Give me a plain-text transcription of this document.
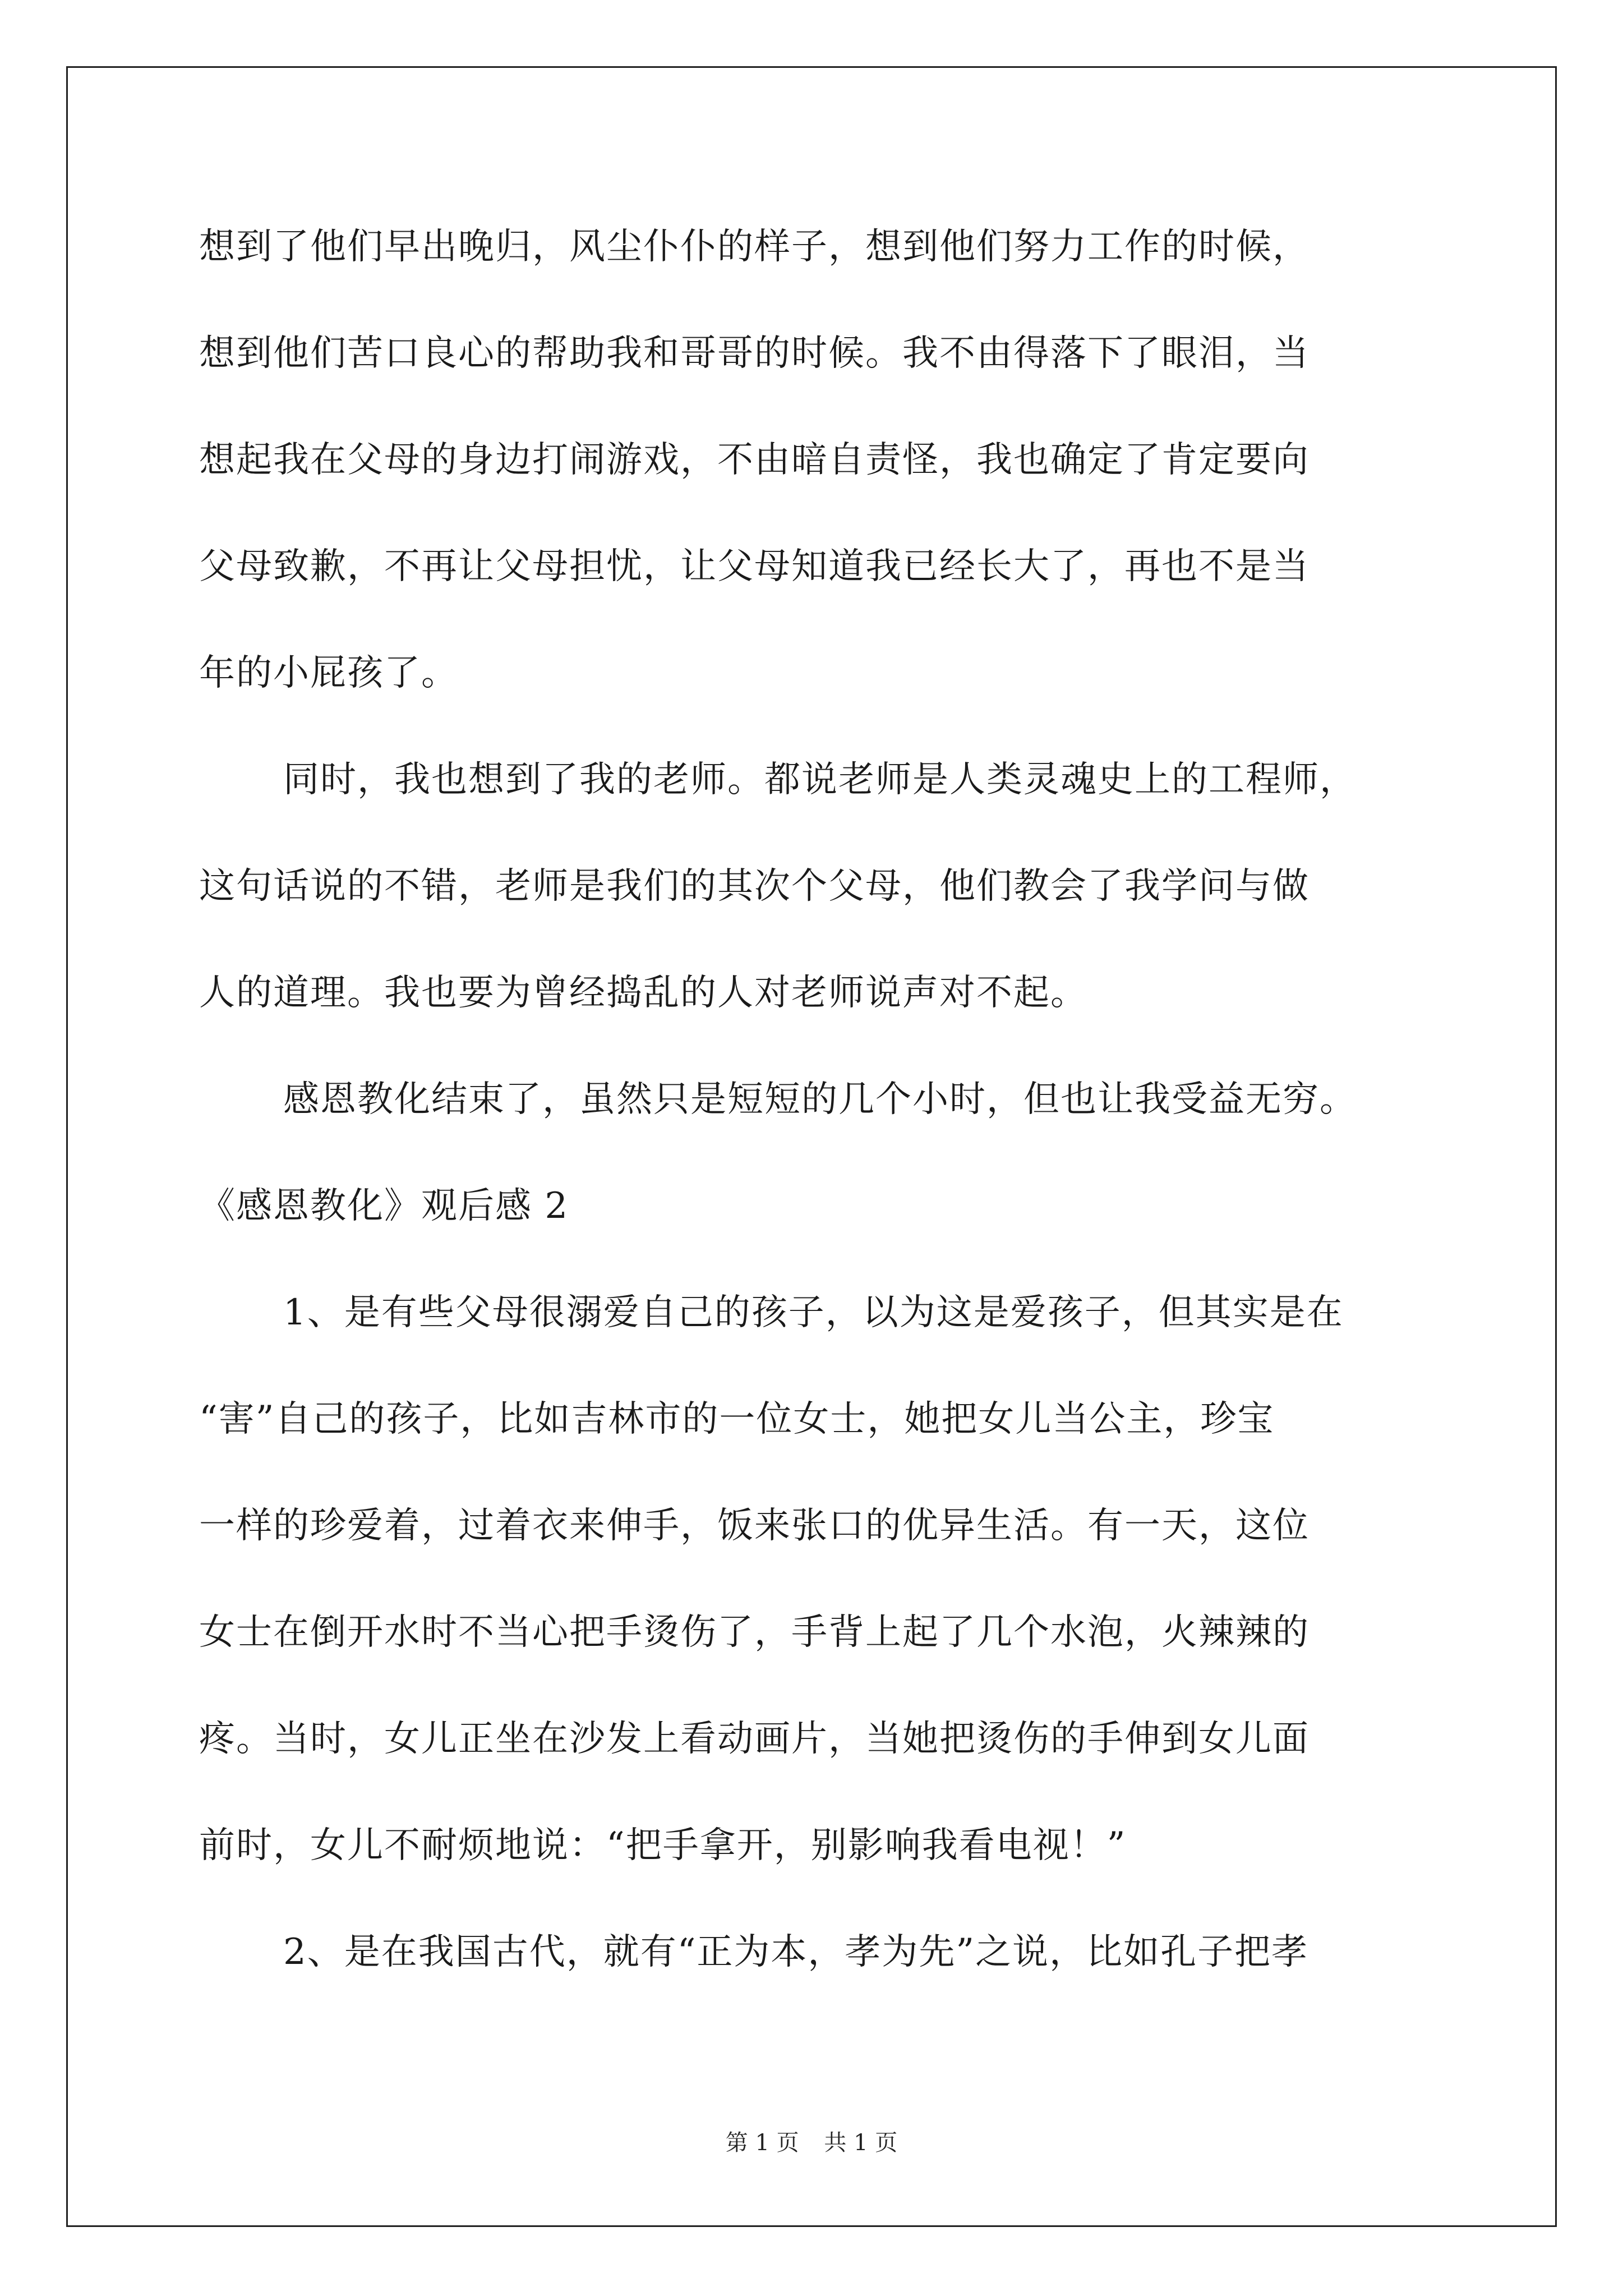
想到了他们早出晚归，风尘仆仆的样子，想到他们努力工作的时候，
想到他们苦口良心的帮助我和哥哥的时候。我不由得落下了眼泪，当
想起我在父母的身边打闹游戏，不由暗自责怪，我也确定了肯定要向
父母致歉，不再让父母担忧，让父母知道我已经长大了，再也不是当
年的小屁孩了。
同时，我也想到了我的老师。都说老师是人类灵魂史上的工程师，
这句话说的不错，老师是我们的其次个父母，他们教会了我学问与做
人的道理。我也要为曾经捣乱的人对老师说声对不起。
感恩教化结束了，虽然只是短短的几个小时，但也让我受益无穷。
《感恩教化》观后感 2
1、是有些父母很溺爱自己的孩子，以为这是爱孩子，但其实是在
“害”自己的孩子，比如吉林市的一位女士，她把女儿当公主，珍宝
一样的珍爱着，过着衣来伸手，饭来张口的优异生活。有一天，这位
女士在倒开水时不当心把手烫伤了，手背上起了几个水泡，火辣辣的
疼。当时，女儿正坐在沙发上看动画片，当她把烫伤的手伸到女儿面
前时，女儿不耐烦地说：“把手拿开，别影响我看电视！”
2、是在我国古代，就有“正为本，孝为先”之说，比如孔子把孝
第 1 页 共 1 页
